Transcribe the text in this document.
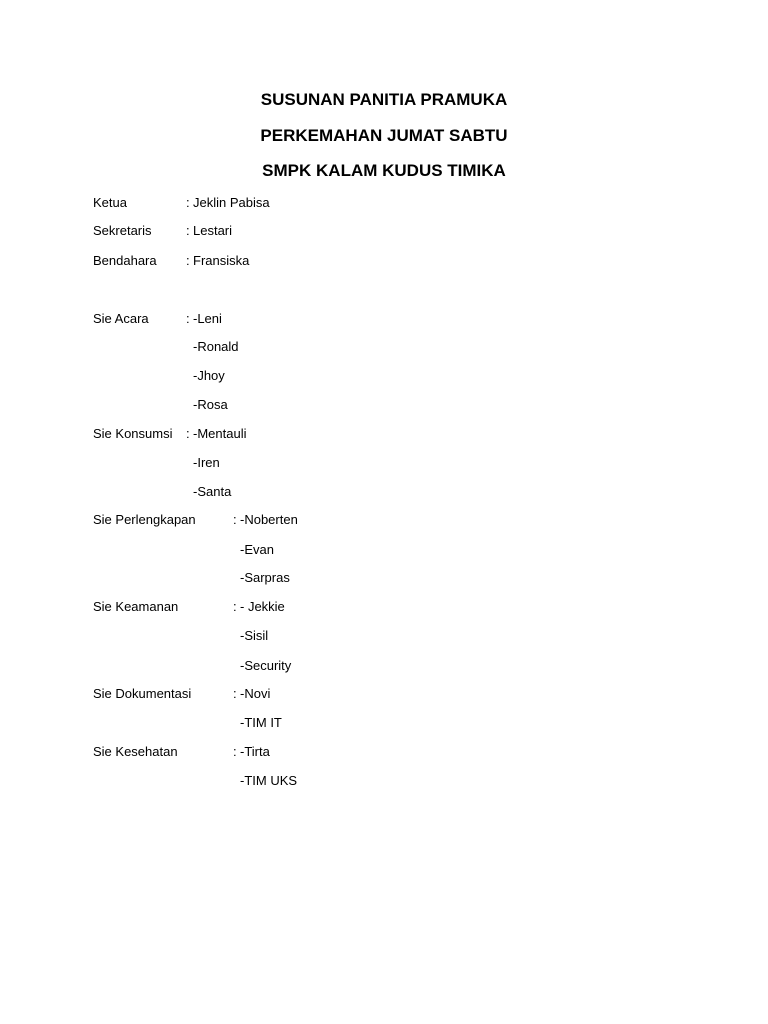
SUSUNAN PANITIA PRAMUKA
PERKEMAHAN JUMAT SABTU
SMPK KALAM KUDUS TIMIKA
Ketua	: Jeklin Pabisa
Sekretaris	: Lestari
Bendahara : Fransiska
Sie Acara	: -Leni
-Ronald
-Jhoy
-Rosa
Sie Konsumsi : -Mentauli
-Iren
-Santa
Sie Perlengkapan	: -Noberten
-Evan
-Sarpras
Sie Keamanan	: - Jekkie
-Sisil
-Security
Sie Dokumentasi	: -Novi
-TIM IT
Sie Kesehatan	: -Tirta
-TIM UKS
